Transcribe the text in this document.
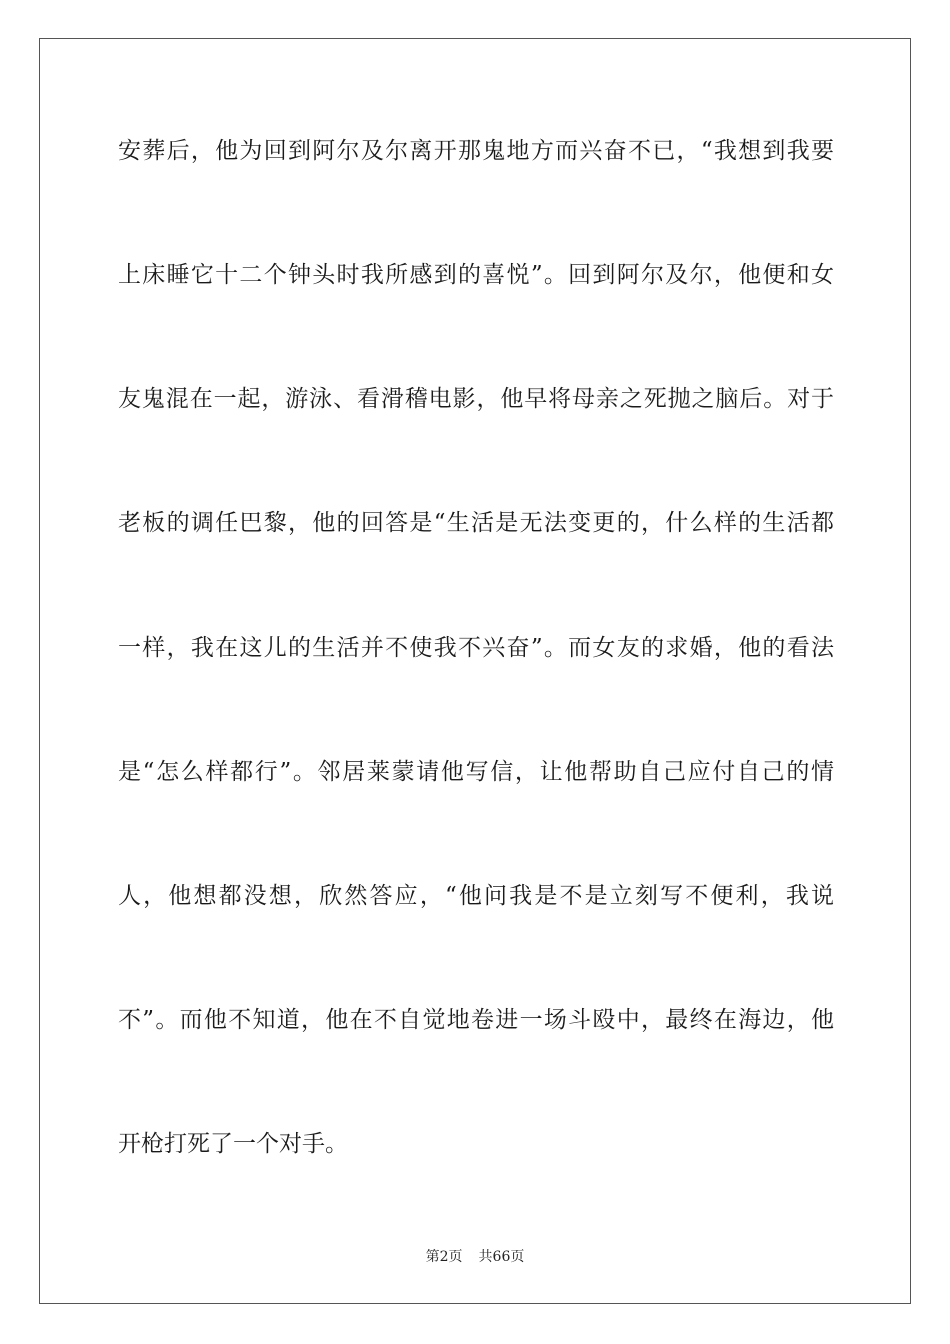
安葬后，他为回到阿尔及尔离开那鬼地方而兴奋不已，“我想到我要
上床睡它十二个钟头时我所感到的喜悦”。回到阿尔及尔，他便和女
友鬼混在一起，游泳、看滑稽电影，他早将母亲之死抛之脑后。对于
老板的调任巴黎，他的回答是“生活是无法变更的，什么样的生活都
一样，我在这儿的生活并不使我不兴奋”。而女友的求婚，他的看法
是“怎么样都行”。邻居莱蒙请他写信，让他帮助自己应付自己的情
人，他想都没想，欣然答应，“他问我是不是立刻写不便利，我说
不”。而他不知道，他在不自觉地卷进一场斗殴中，最终在海边，他
开枪打死了一个对手。
第2页 共66页
